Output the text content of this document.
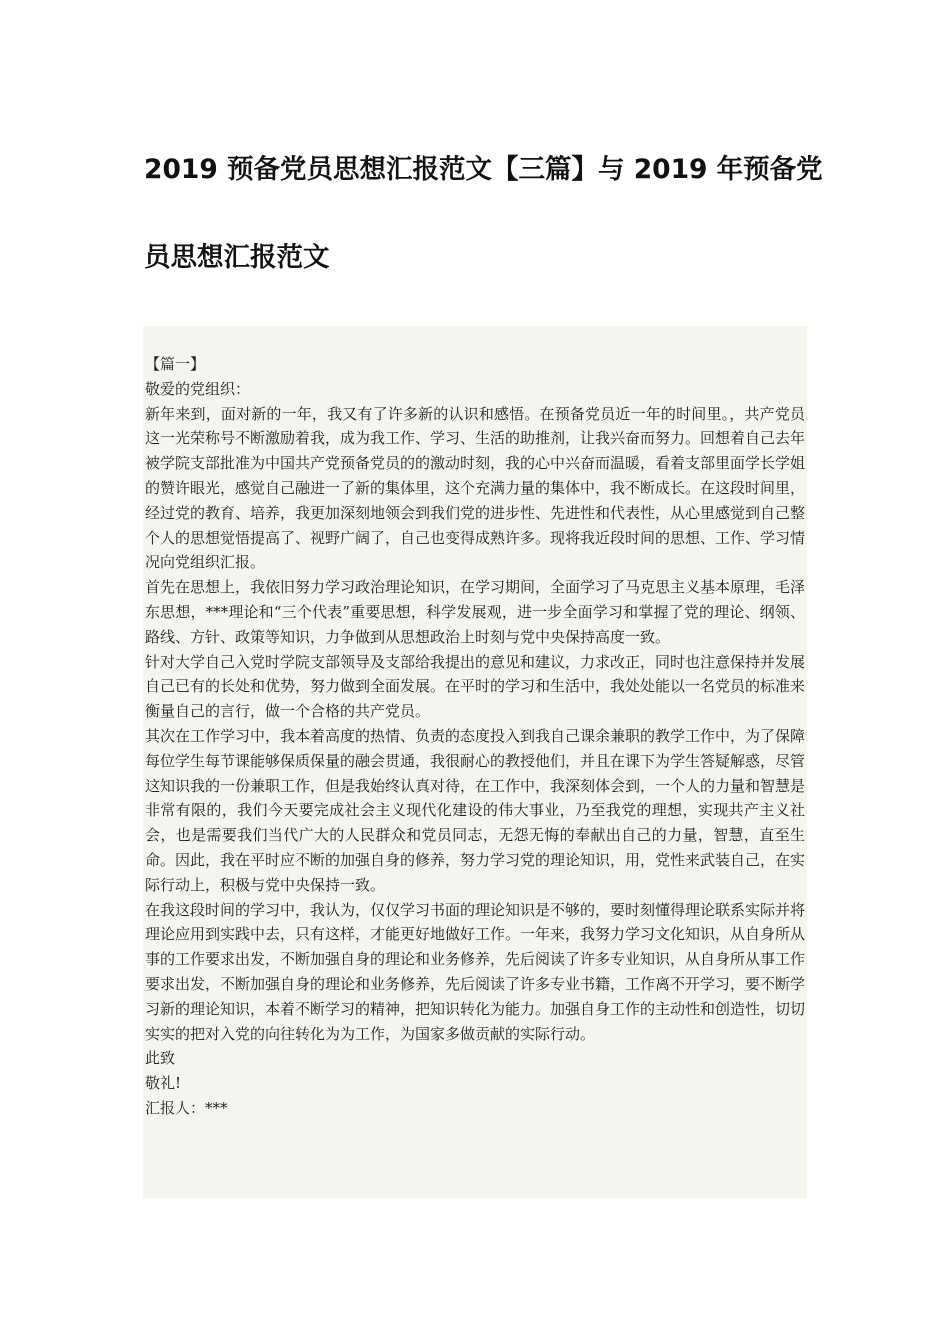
2019 预备党员思想汇报范文【三篇】与 2019 年预备党
员思想汇报范文

【篇一】

敬爱的党组织：

新年来到，面对新的一年，我又有了许多新的认识和感悟。在预备党员近一年的时间里。，共产党员这一光荣称号不断激励着我，成为我工作、学习、生活的助推剂，让我兴奋而努力。回想着自己去年被学院支部批准为中国共产党预备党员的的激动时刻，我的心中兴奋而温暖，看着支部里面学长学姐的赞许眼光，感觉自己融进一了新的集体里，这个充满力量的集体中，我不断成长。在这段时间里，经过党的教育、培养，我更加深刻地领会到我们党的进步性、先进性和代表性，从心里感觉到自己整个人的思想觉悟提高了、视野广阔了，自己也变得成熟许多。现将我近段时间的思想、工作、学习情况向党组织汇报。

首先在思想上，我依旧努力学习政治理论知识，在学习期间，全面学习了马克思主义基本原理，毛泽东思想，***理论和“三个代表”重要思想，科学发展观，进一步全面学习和掌握了党的理论、纲领、路线、方针、政策等知识，力争做到从思想政治上时刻与党中央保持高度一致。

针对大学自己入党时学院支部领导及支部给我提出的意见和建议，力求改正，同时也注意保持并发展自己已有的长处和优势，努力做到全面发展。在平时的学习和生活中，我处处能以一名党员的标准来衡量自己的言行，做一个合格的共产党员。

其次在工作学习中，我本着高度的热情、负责的态度投入到我自己课余兼职的教学工作中，为了保障每位学生每节课能够保质保量的融会贯通，我很耐心的教授他们，并且在课下为学生答疑解惑，尽管这知识我的一份兼职工作，但是我始终认真对待，在工作中，我深刻体会到，一个人的力量和智慧是非常有限的，我们今天要完成社会主义现代化建设的伟大事业，乃至我党的理想，实现共产主义社会，也是需要我们当代广大的人民群众和党员同志，无怨无悔的奉献出自己的力量，智慧，直至生命。因此，我在平时应不断的加强自身的修养，努力学习党的理论知识，用，党性来武装自己，在实际行动上，积极与党中央保持一致。

在我这段时间的学习中，我认为，仅仅学习书面的理论知识是不够的，要时刻懂得理论联系实际并将理论应用到实践中去，只有这样，才能更好地做好工作。一年来，我努力学习文化知识，从自身所从事的工作要求出发，不断加强自身的理论和业务修养，先后阅读了许多专业知识，从自身所从事工作要求出发，不断加强自身的理论和业务修养，先后阅读了许多专业书籍，工作离不开学习，要不断学习新的理论知识，本着不断学习的精神，把知识转化为能力。加强自身工作的主动性和创造性，切切实实的把对入党的向往转化为为工作，为国家多做贡献的实际行动。

此致

敬礼!

汇报人：***
